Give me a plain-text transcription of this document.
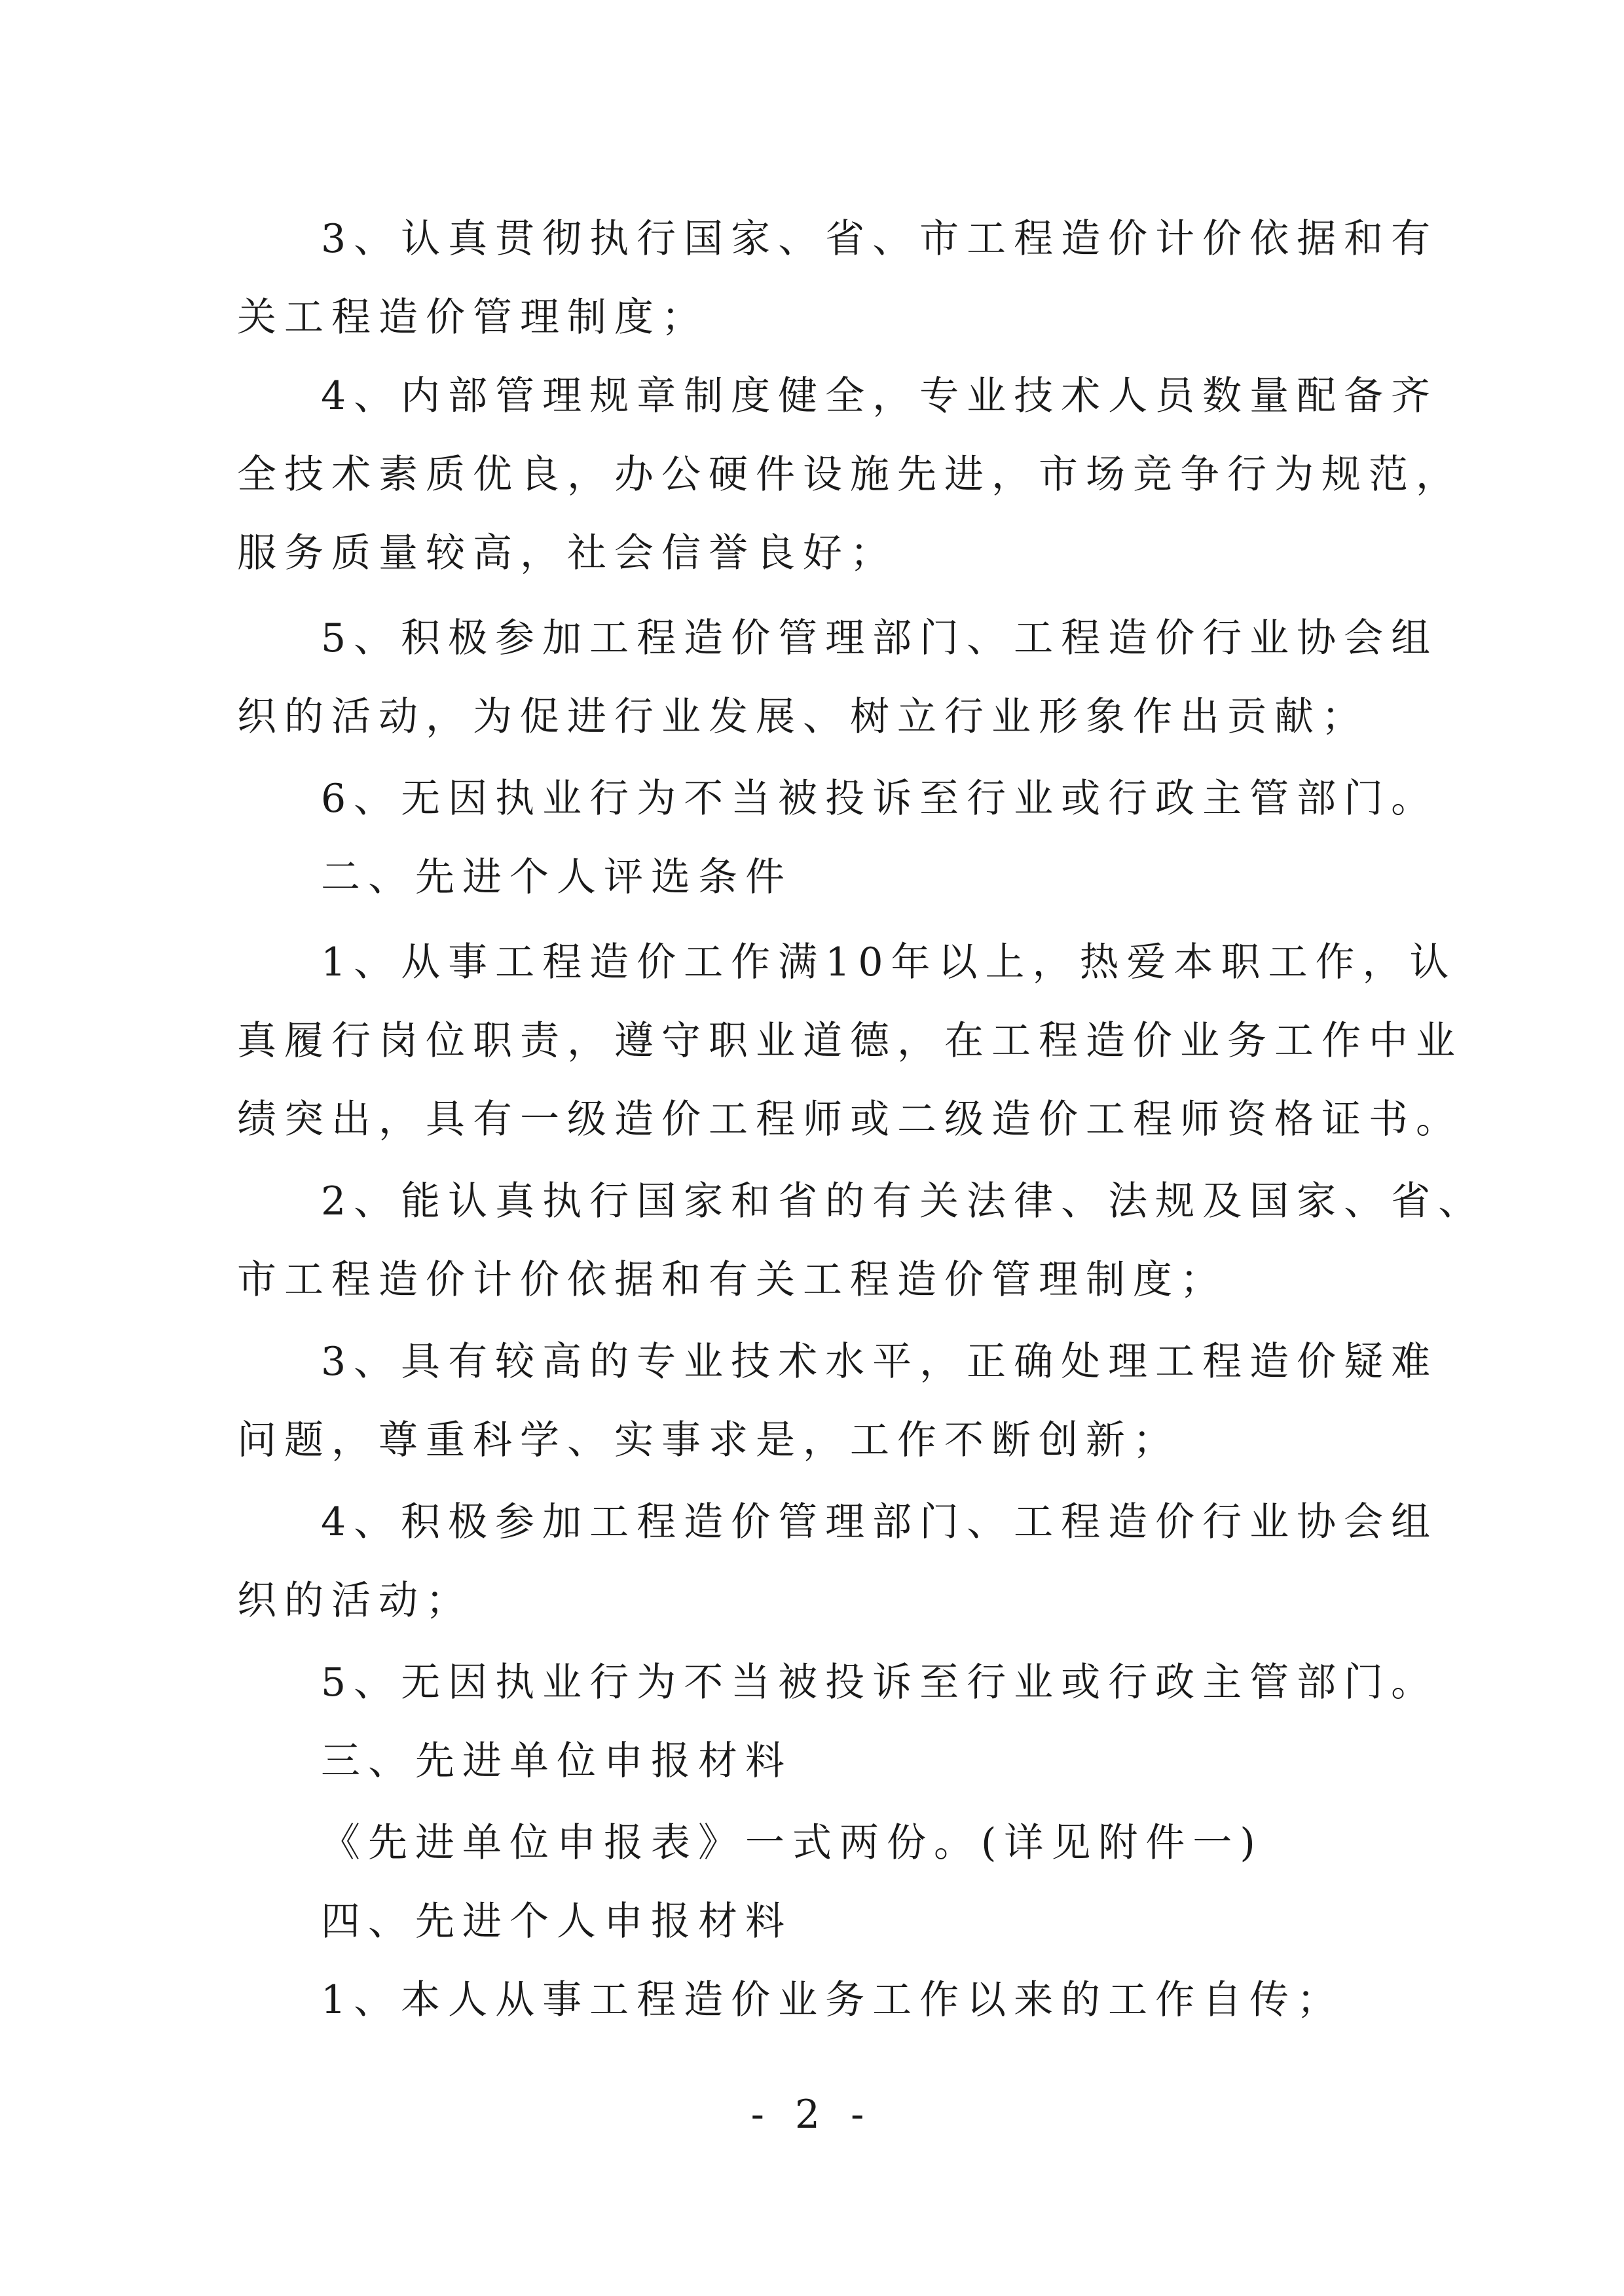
3、认真贯彻执行国家、省、市工程造价计价依据和有
关工程造价管理制度；
4、内部管理规章制度健全，专业技术人员数量配备齐
全技术素质优良，办公硬件设施先进，市场竞争行为规范，
服务质量较高，社会信誉良好；
5、积极参加工程造价管理部门、工程造价行业协会组
织的活动，为促进行业发展、树立行业形象作出贡献；
6、无因执业行为不当被投诉至行业或行政主管部门。
二、先进个人评选条件
1、从事工程造价工作满10年以上，热爱本职工作，认
真履行岗位职责，遵守职业道德，在工程造价业务工作中业
绩突出，具有一级造价工程师或二级造价工程师资格证书。
2、能认真执行国家和省的有关法律、法规及国家、省、
市工程造价计价依据和有关工程造价管理制度；
3、具有较高的专业技术水平，正确处理工程造价疑难
问题，尊重科学、实事求是，工作不断创新；
4、积极参加工程造价管理部门、工程造价行业协会组
织的活动；
5、无因执业行为不当被投诉至行业或行政主管部门。
三、先进单位申报材料
《先进单位申报表》一式两份。(详见附件一)
四、先进个人申报材料
1、本人从事工程造价业务工作以来的工作自传；
- 2 -
